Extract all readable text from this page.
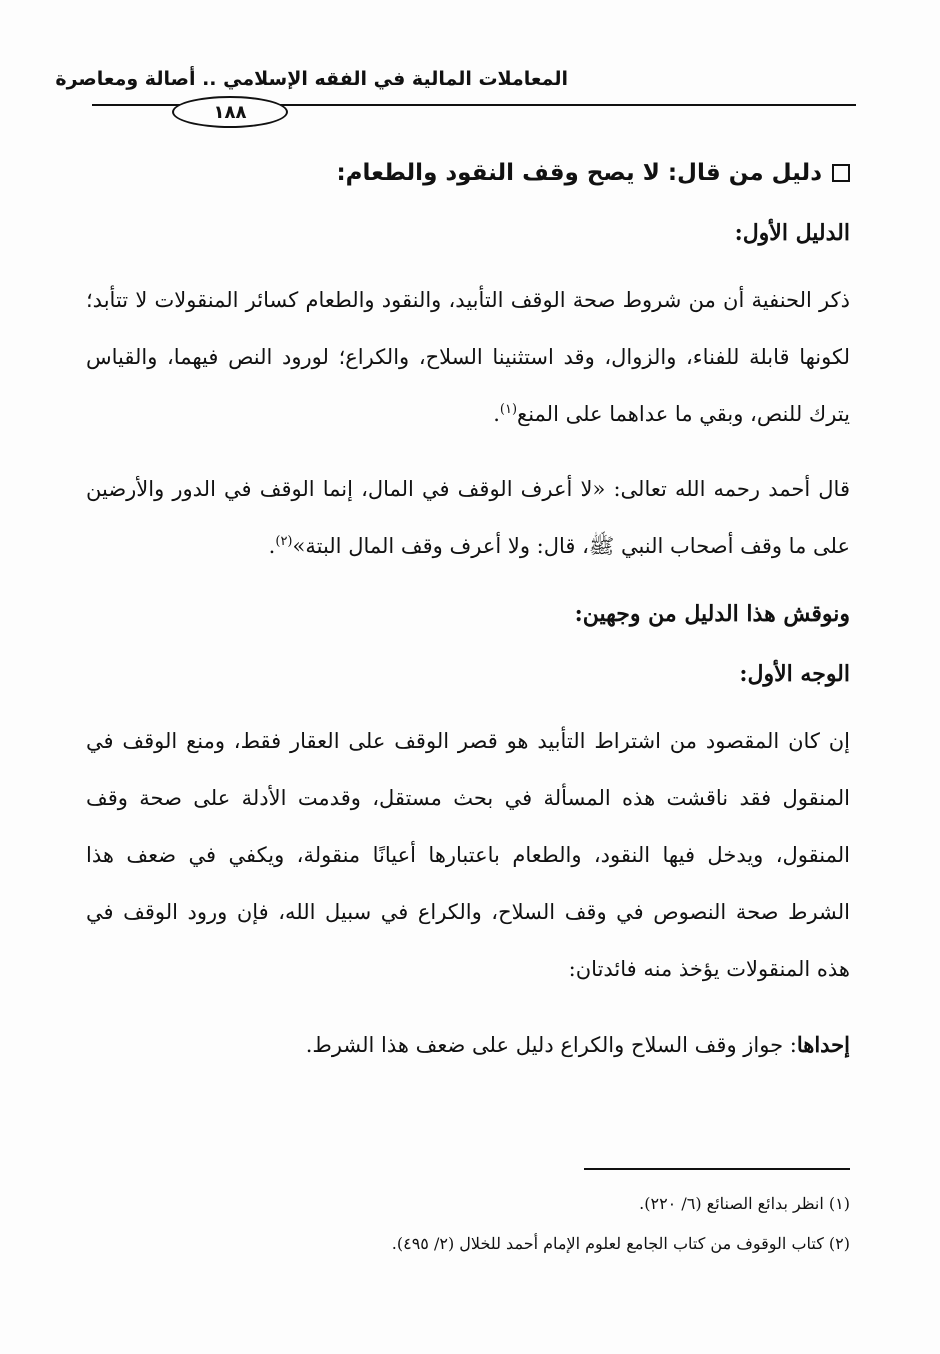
المعاملات المالية في الفقه الإسلامي .. أصالة ومعاصرة
١٨٨
دليل من قال: لا يصح وقف النقود والطعام:
الدليل الأول:

ذكر الحنفية أن من شروط صحة الوقف التأبيد، والنقود والطعام كسائر المنقولات لا تتأبد؛ لكونها قابلة للفناء، والزوال، وقد استثنينا السلاح، والكراع؛ لورود النص فيهما، والقياس يترك للنص، وبقي ما عداهما على المنع$^{(١)}$.

قال أحمد رحمه الله تعالى: «لا أعرف الوقف في المال، إنما الوقف في الدور والأرضين على ما وقف أصحاب النبي ﷺ، قال: ولا أعرف وقف المال البتة»$^{(٢)}$.

ونوقش هذا الدليل من وجهين:
الوجه الأول:

إن كان المقصود من اشتراط التأبيد هو قصر الوقف على العقار فقط، ومنع الوقف في المنقول فقد ناقشت هذه المسألة في بحث مستقل، وقدمت الأدلة على صحة وقف المنقول، ويدخل فيها النقود، والطعام باعتبارها أعيانًا منقولة، ويكفي في ضعف هذا الشرط صحة النصوص في وقف السلاح، والكراع في سبيل الله، فإن ورود الوقف في هذه المنقولات يؤخذ منه فائدتان:

إحداها: جواز وقف السلاح والكراع دليل على ضعف هذا الشرط.

(١) انظر بدائع الصنائع (٦/ ٢٢٠).

(٢) كتاب الوقوف من كتاب الجامع لعلوم الإمام أحمد للخلال (٢/ ٤٩٥).
